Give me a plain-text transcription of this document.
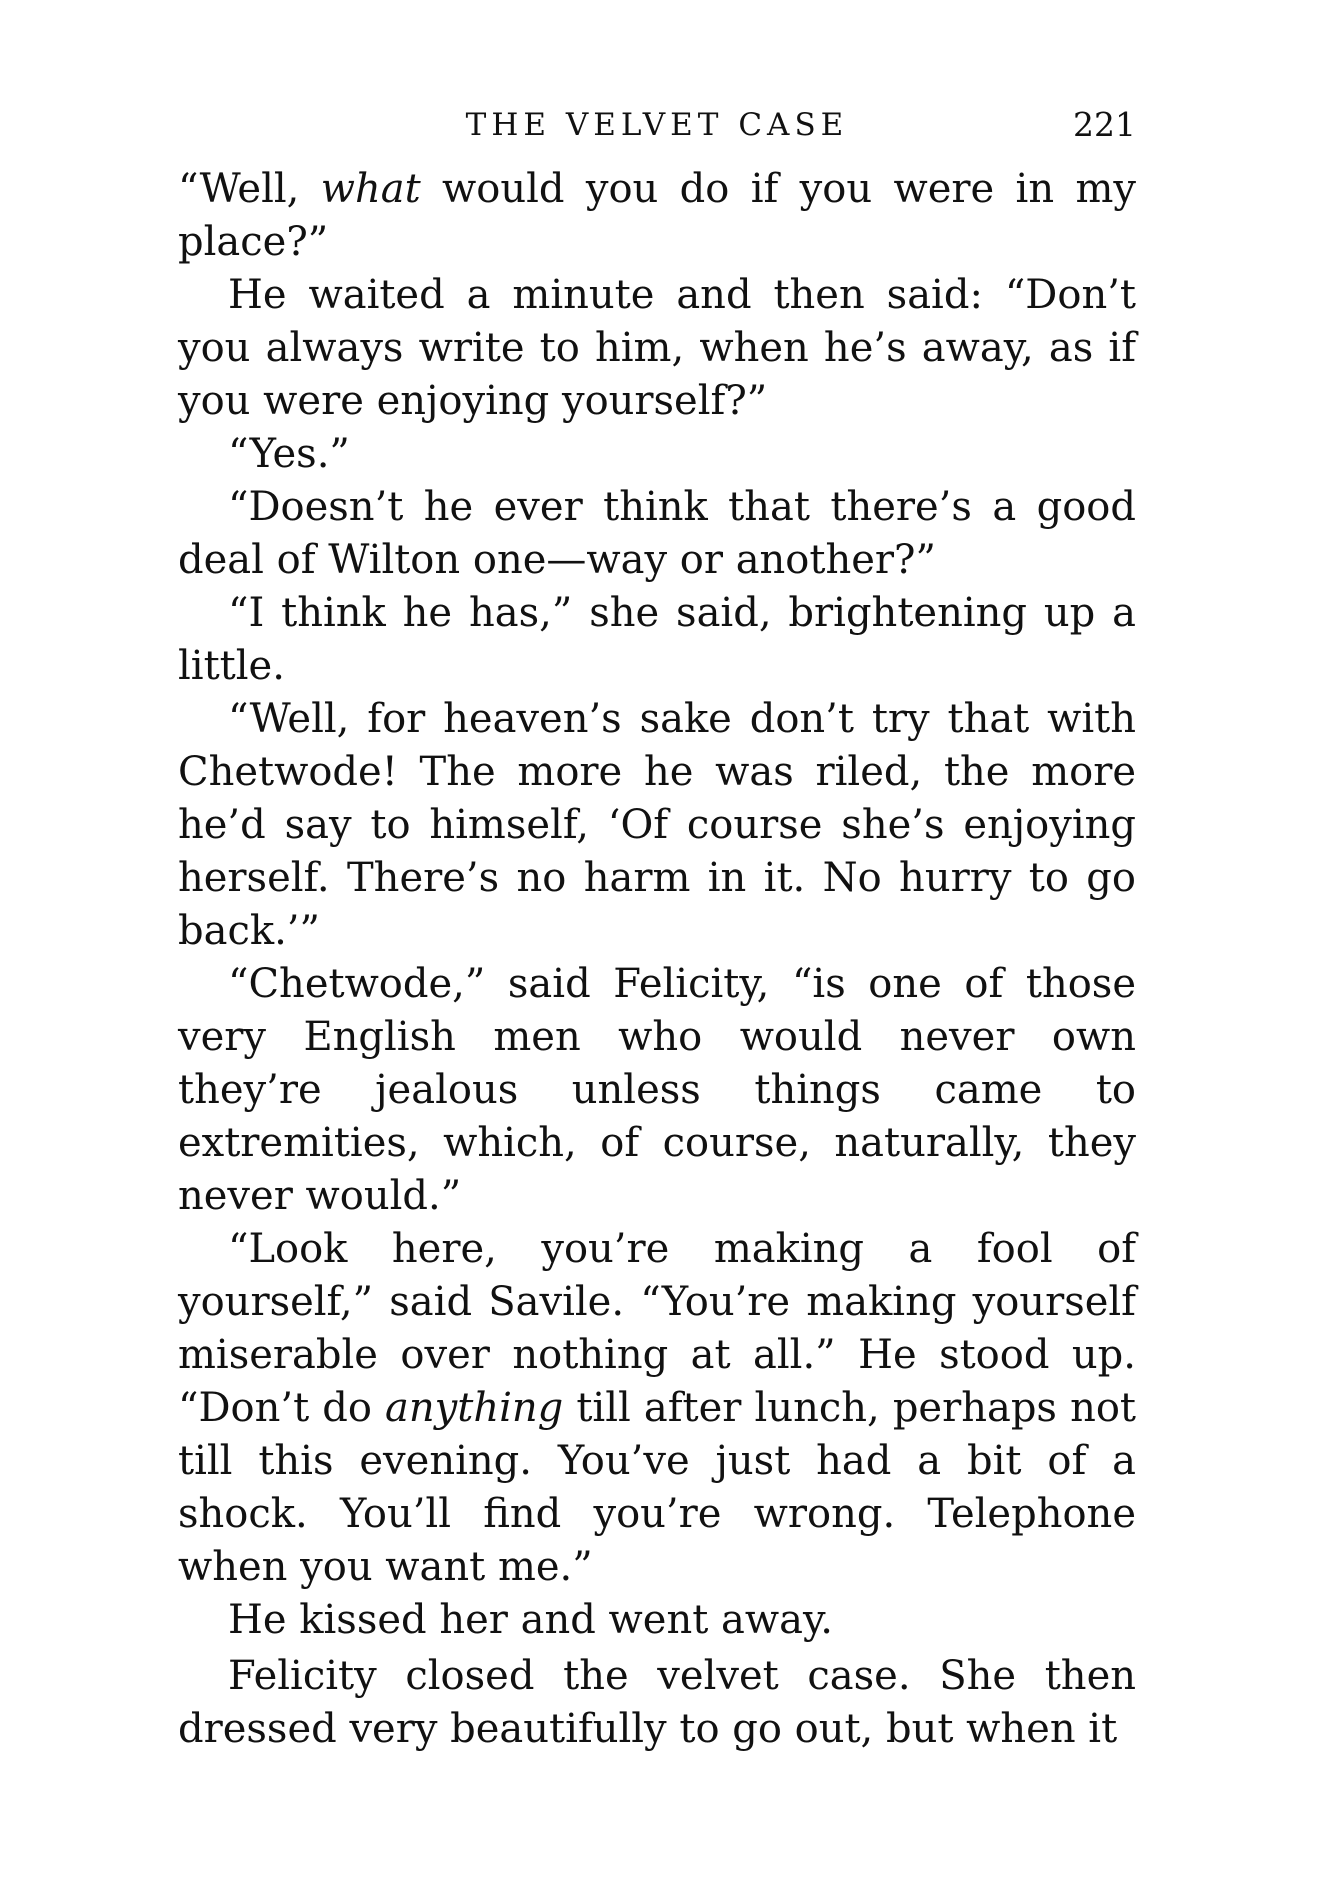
THE VELVET CASE	221

“Well, what would you do if you were in my place?”

He waited a minute and then said: “Don’t you always write to him, when he’s away, as if you were enjoying yourself?”

“Yes.”

“Doesn’t he ever think that there’s a good deal of Wilton one—way or another?”

“I think he has,” she said, brightening up a little.

“Well, for heaven’s sake don’t try that with Chetwode! The more he was riled, the more he’d say to himself, ‘Of course she’s enjoying herself. There’s no harm in it. No hurry to go back.’”

“Chetwode,” said Felicity, “is one of those very English men who would never own they’re jealous unless things came to extremities, which, of course, naturally, they never would.”

“Look here, you’re making a fool of yourself,” said Savile. “You’re making yourself miserable over nothing at all.” He stood up. “Don’t do anything till after lunch, perhaps not till this evening. You’ve just had a bit of a shock. You’ll find you’re wrong. Telephone when you want me.”

He kissed her and went away.

Felicity closed the velvet case. She then dressed very beautifully to go out, but when it
